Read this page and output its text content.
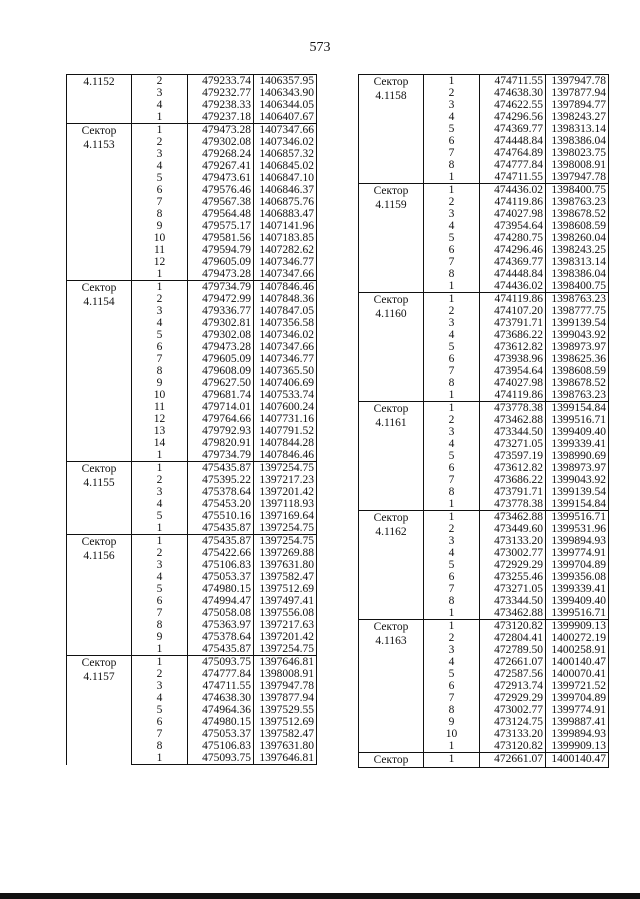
573
4.1152	2	479233.74	1406357.95
	3	479232.77	1406343.90
	4	479238.33	1406344.05
	1	479237.18	1406407.67

Сектор
4.1153	1	479473.28	1407347.66
	2	479302.08	1407346.02
	3	479268.24	1406857.32
	4	479267.41	1406845.02
	5	479473.61	1406847.10
	6	479576.46	1406846.37
	7	479567.38	1406875.76
	8	479564.48	1406883.47
	9	479575.17	1407141.96
	10	479581.56	1407183.85
	11	479594.79	1407282.62
	12	479605.09	1407346.77
	1	479473.28	1407347.66

Сектор
4.1154	1	479734.79	1407846.46
	2	479472.99	1407848.36
	3	479336.77	1407847.05
	4	479302.81	1407356.58
	5	479302.08	1407346.02
	6	479473.28	1407347.66
	7	479605.09	1407346.77
	8	479608.09	1407365.50
	9	479627.50	1407406.69
	10	479681.74	1407533.74
	11	479714.01	1407600.24
	12	479764.66	1407731.16
	13	479792.93	1407791.52
	14	479820.91	1407844.28
	1	479734.79	1407846.46

Сектор
4.1155	1	475435.87	1397254.75
	2	475395.22	1397217.23
	3	475378.64	1397201.42
	4	475453.20	1397118.93
	5	475510.16	1397169.64
	1	475435.87	1397254.75

Сектор
4.1156	1	475435.87	1397254.75
	2	475422.66	1397269.88
	3	475106.83	1397631.80
	4	475053.37	1397582.47
	5	474980.15	1397512.69
	6	474994.47	1397497.41
	7	475058.08	1397556.08
	8	475363.97	1397217.63
	9	475378.64	1397201.42
	1	475435.87	1397254.75

Сектор
4.1157	1	475093.75	1397646.81
	2	474777.84	1398008.91
	3	474711.55	1397947.78
	4	474638.30	1397877.94
	5	474964.36	1397529.55
	6	474980.15	1397512.69
	7	475053.37	1397582.47
	8	475106.83	1397631.80
	1	475093.75	1397646.81
Сектор
4.1158	1	474711.55	1397947.78
	2	474638.30	1397877.94
	3	474622.55	1397894.77
	4	474296.56	1398243.27
	5	474369.77	1398313.14
	6	474448.84	1398386.04
	7	474764.89	1398023.75
	8	474777.84	1398008.91
	1	474711.55	1397947.78

Сектор
4.1159	1	474436.02	1398400.75
	2	474119.86	1398763.23
	3	474027.98	1398678.52
	4	473954.64	1398608.59
	5	474280.75	1398260.04
	6	474296.46	1398243.25
	7	474369.77	1398313.14
	8	474448.84	1398386.04
	1	474436.02	1398400.75

Сектор
4.1160	1	474119.86	1398763.23
	2	474107.20	1398777.75
	3	473791.71	1399139.54
	4	473686.22	1399043.92
	5	473612.82	1398973.97
	6	473938.96	1398625.36
	7	473954.64	1398608.59
	8	474027.98	1398678.52
	1	474119.86	1398763.23

Сектор
4.1161	1	473778.38	1399154.84
	2	473462.88	1399516.71
	3	473344.50	1399409.40
	4	473271.05	1399339.41
	5	473597.19	1398990.69
	6	473612.82	1398973.97
	7	473686.22	1399043.92
	8	473791.71	1399139.54
	1	473778.38	1399154.84

Сектор
4.1162	1	473462.88	1399516.71
	2	473449.60	1399531.96
	3	473133.20	1399894.93
	4	473002.77	1399774.91
	5	472929.29	1399704.89
	6	473255.46	1399356.08
	7	473271.05	1399339.41
	8	473344.50	1399409.40
	1	473462.88	1399516.71

Сектор
4.1163	1	473120.82	1399909.13
	2	472804.41	1400272.19
	3	472789.50	1400258.91
	4	472661.07	1400140.47
	5	472587.56	1400070.41
	6	472913.74	1399721.52
	7	472929.29	1399704.89
	8	473002.77	1399774.91
	9	473124.75	1399887.41
	10	473133.20	1399894.93
	1	473120.82	1399909.13

Сектор	1	472661.07	1400140.47
